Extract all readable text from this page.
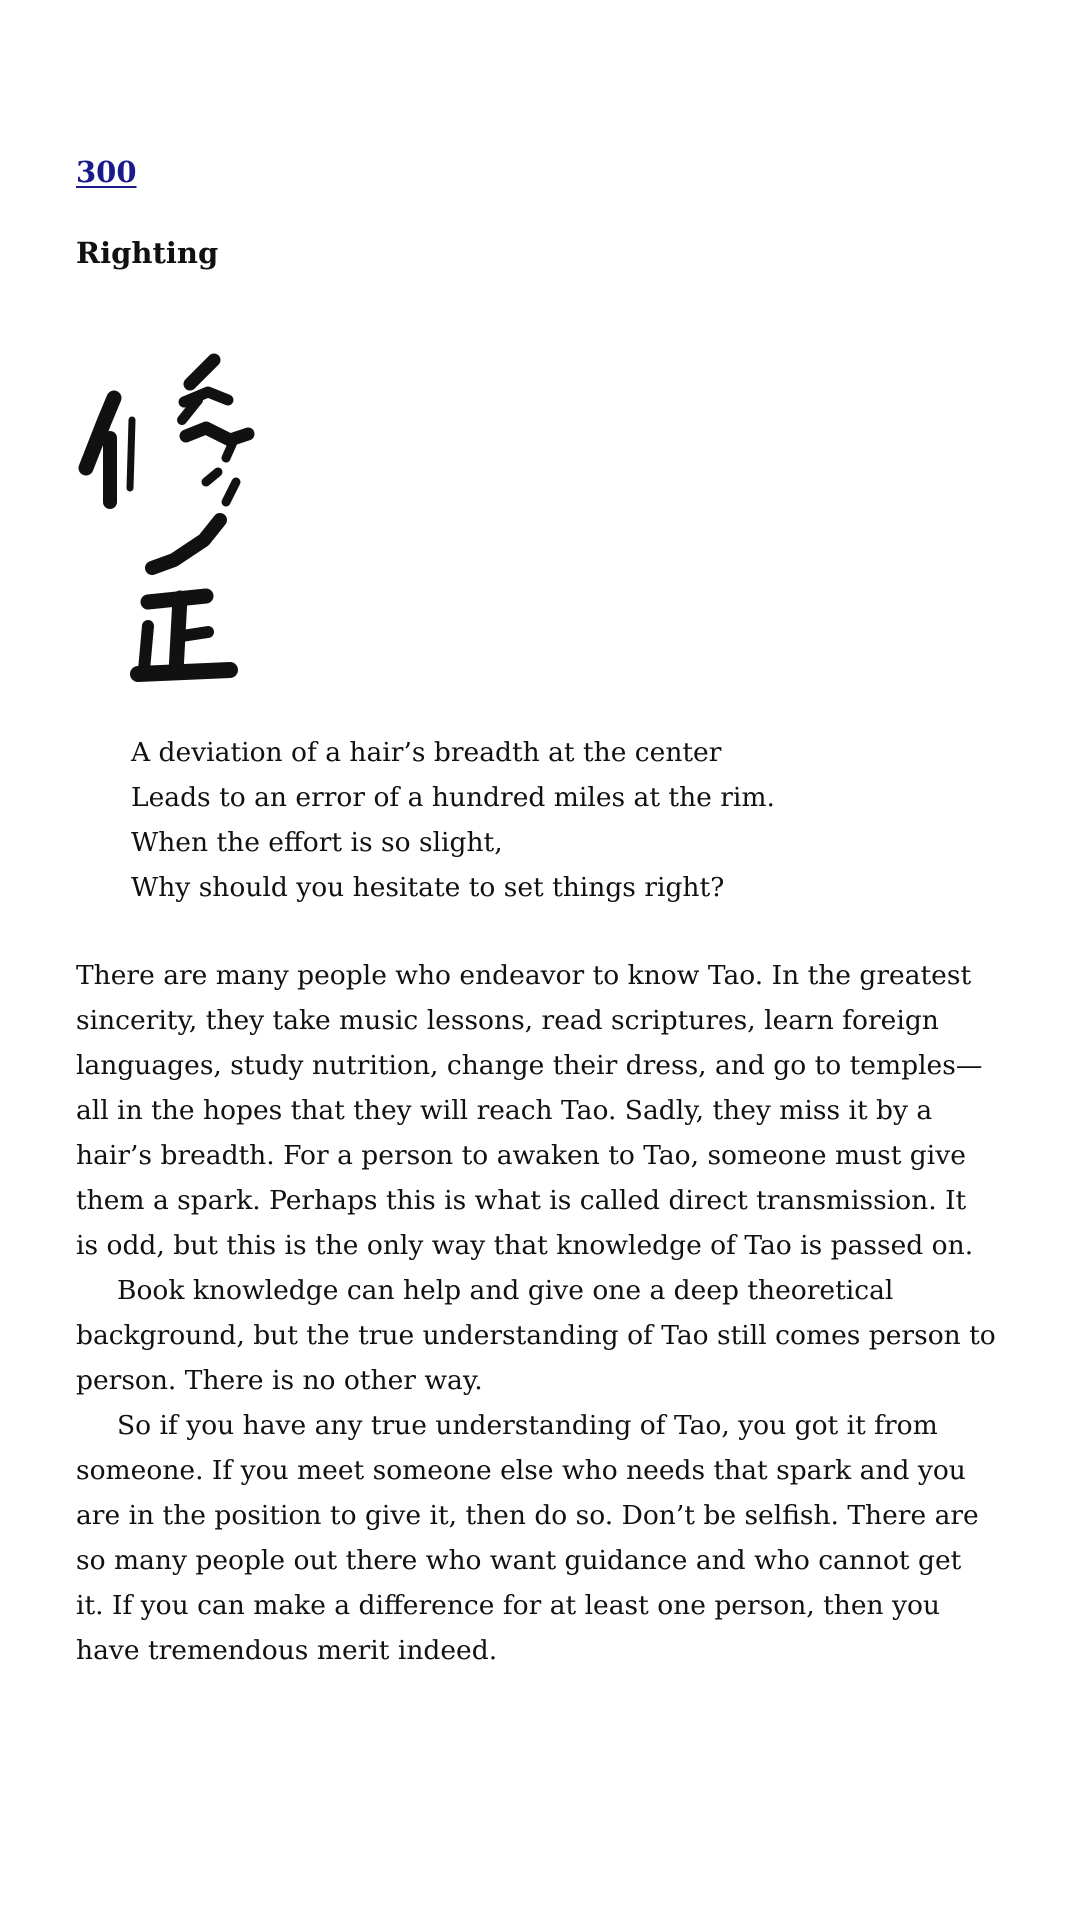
300
Righting
A deviation of a hair’s breadth at the center
Leads to an error of a hundred miles at the rim.
When the effort is so slight,
Why should you hesitate to set things right?

There are many people who endeavor to know Tao. In the greatest sincerity, they take music lessons, read scriptures, learn foreign languages, study nutrition, change their dress, and go to temples—all in the hopes that they will reach Tao. Sadly, they miss it by a hair’s breadth. For a person to awaken to Tao, someone must give them a spark. Perhaps this is what is called direct transmission. It is odd, but this is the only way that knowledge of Tao is passed on.

Book knowledge can help and give one a deep theoretical background, but the true understanding of Tao still comes person to person. There is no other way.

So if you have any true understanding of Tao, you got it from someone. If you meet someone else who needs that spark and you are in the position to give it, then do so. Don’t be selfish. There are so many people out there who want guidance and who cannot get it. If you can make a difference for at least one person, then you have tremendous merit indeed.
